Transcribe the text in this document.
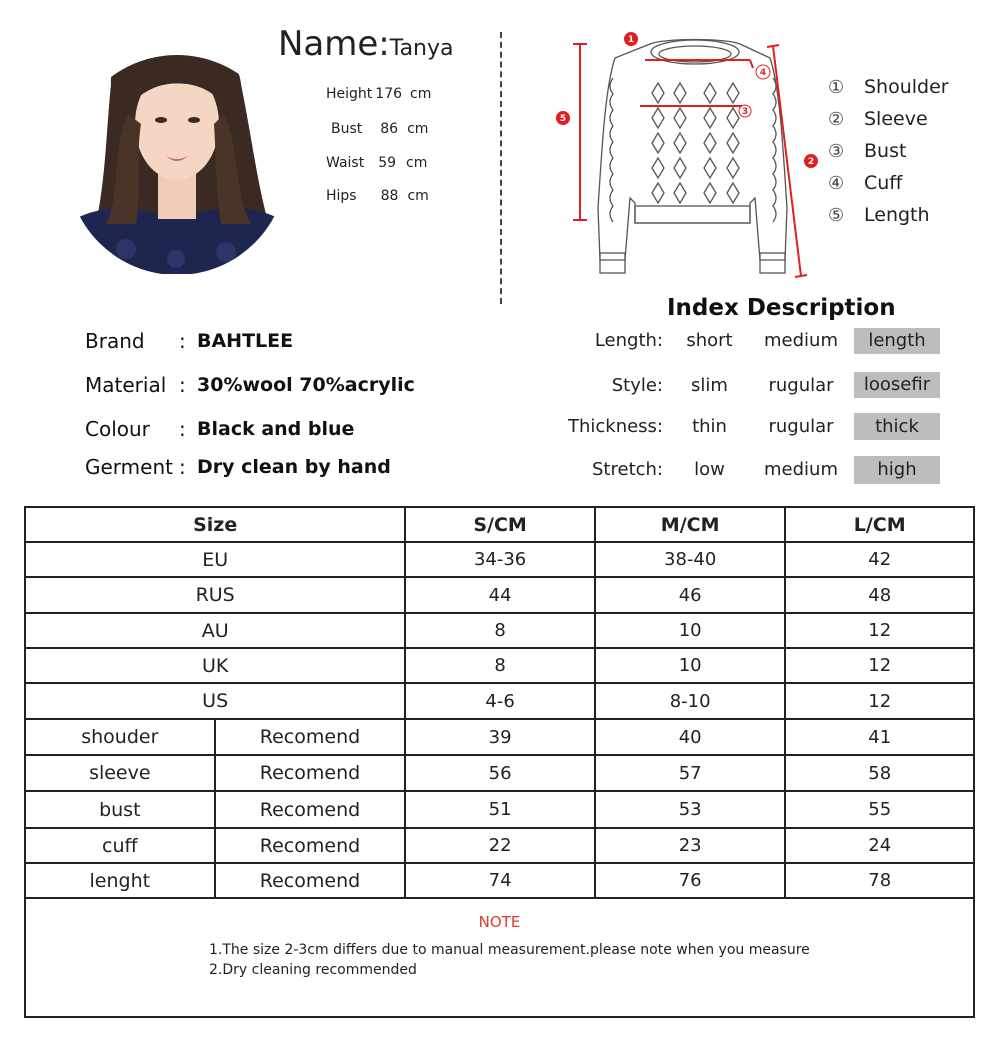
Name:Tanya
Height 176 cm
Bust 86 cm
Waist 59 cm
Hips 88 cm
1
2
3
4
5
① Shoulder
② Sleeve
③ Bust
④ Cuff
⑤ Length
Brand : BAHTLEE
Material : 30%wool 70%acrylic
Colour : Black and blue
Germent : Dry clean by hand
Index Description
Length:	short	medium	length
Style:	slim	rugular	loosefir
Thickness:	thin	rugular	thick
Stretch:	low	medium	high
Size		S/CM	M/CM	L/CM
EU		34-36	38-40	42
RUS		44	46	48
AU		8	10	12
UK		8	10	12
US		4-6	8-10	12
shouder	Recomend	39	40	41
sleeve	Recomend	56	57	58
bust	Recomend	51	53	55
cuff	Recomend	22	23	24
lenght	Recomend	74	76	78
NOTE
1.The size 2-3cm differs due to manual measurement.please note when you measure
2.Dry cleaning recommended
